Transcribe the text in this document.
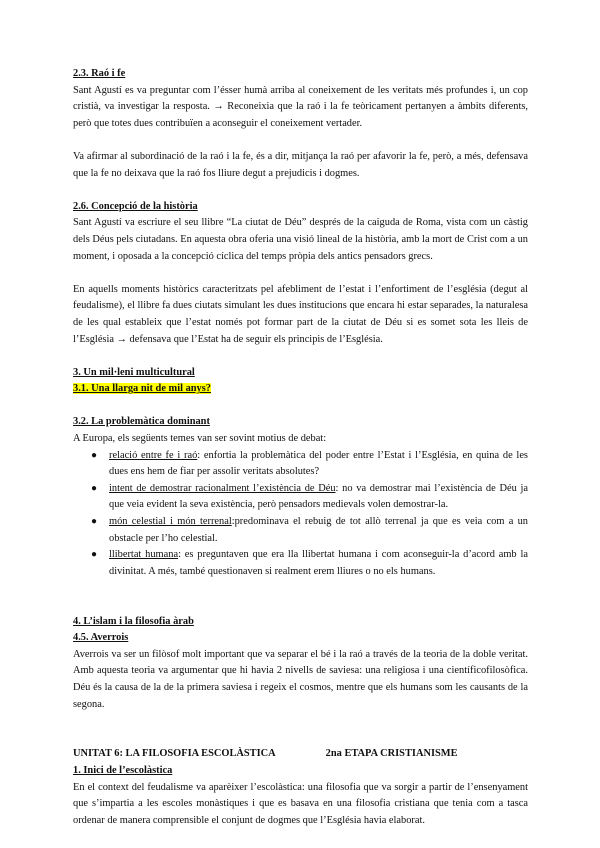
2.3. Raó i fe

Sant Agustí es va preguntar com l’ésser humà arriba al coneixement de les veritats més profundes i, un cop cristià, va investigar la resposta. → Reconeixia que la raó i la fe teòricament pertanyen a àmbits diferents, però que totes dues contribuïen a aconseguir el coneixement vertader.

Va afirmar al subordinació de la raó i la fe, és a dir, mitjança la raó per afavorir la fe, però, a més, defensava que la fe no deixava que la raó fos lliure degut a prejudicis i dogmes.

2.6. Concepció de la història

Sant Agustí va escriure el seu llibre “La ciutat de Déu” després de la caiguda de Roma, vista com un càstig dels Déus pels ciutadans. En aquesta obra oferia una visió lineal de la història, amb la mort de Crist com a un moment, i oposada a la concepció cíclica del temps pròpia dels antics pensadors grecs.

En aquells moments històrics caracteritzats pel afebliment de l’estat i l’enfortiment de l’església (degut al feudalisme), el llibre fa dues ciutats simulant les dues institucions que encara hi estar separades, la naturalesa de les qual estableix que l’estat només pot formar part de la ciutat de Déu si es somet sota les lleis de l’Església → defensava que l’Estat ha de seguir els principis de l’Església.

3. Un mil·leni multicultural

3.1. Una llarga nit de mil anys?

3.2. La problemàtica dominant

A Europa, els següents temes van ser sovint motius de debat:

● relació entre fe i raó: enfortia la problemàtica del poder entre l’Estat i l’Església, en quina de les dues ens hem de fiar per assolir veritats absolutes?
● intent de demostrar racionalment l’existència de Déu: no va demostrar mai l’existència de Déu ja que veia evident la seva existència, però pensadors medievals volen demostrar-la.
● món celestial i món terrenal:predominava el rebuig de tot allò terrenal ja que es veia com a un obstacle per l’ho celestial.
● llibertat humana: es preguntaven que era lla llibertat humana i com aconseguir-la d’acord amb la divinitat. A més, també questionaven si realment erem lliures o no els humans.

4. L’islam i la filosofia àrab

4.5. Averrois

Averrois va ser un filòsof molt important que va separar el bé i la raó a través de la teoria de la doble veritat. Amb aquesta teoria va argumentar que hi havia 2 nivells de saviesa: una religiosa i una científicofilosòfica. Déu és la causa de la de la primera saviesa i regeix el cosmos, mentre que els humans som les causants de la segona.

UNITAT 6: LA FILOSOFIA ESCOLÀSTICA	2na ETAPA CRISTIANISME

1. Inici de l’escolàstica

En el context del feudalisme va aparèixer l’escolàstica: una filosofia que va sorgir a partir de l’ensenyament que s’impartia a les escoles monàstiques i que es basava en una filosofia cristiana que tenia com a tasca ordenar de manera comprensible el conjunt de dogmes que l’Església havia elaborat.
